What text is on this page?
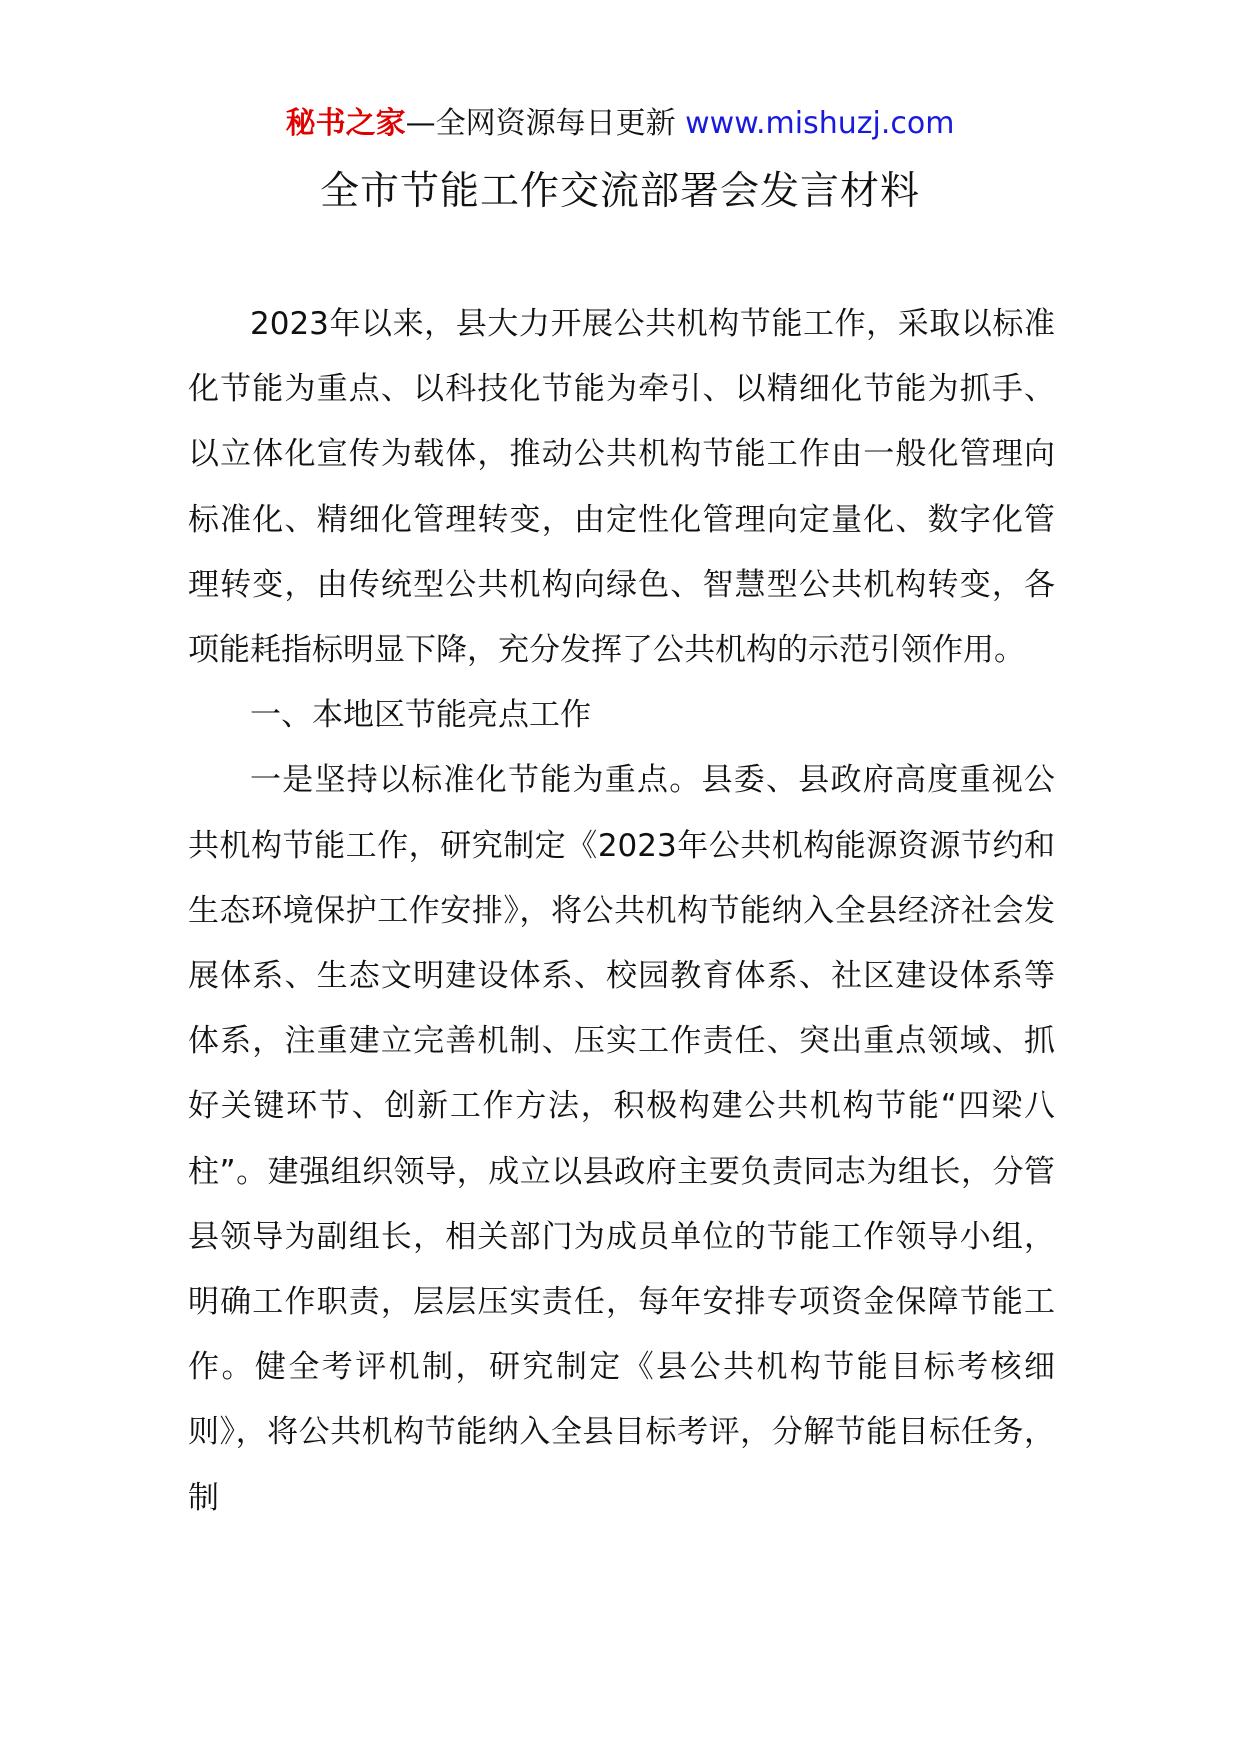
秘书之家—全网资源每日更新 www.mishuzj.com
全市节能工作交流部署会发言材料

2023年以来，县大力开展公共机构节能工作，采取以标准化节能为重点、以科技化节能为牵引、以精细化节能为抓手、以立体化宣传为载体，推动公共机构节能工作由一般化管理向标准化、精细化管理转变，由定性化管理向定量化、数字化管理转变，由传统型公共机构向绿色、智慧型公共机构转变，各项能耗指标明显下降，充分发挥了公共机构的示范引领作用。

一、本地区节能亮点工作

一是坚持以标准化节能为重点。县委、县政府高度重视公共机构节能工作，研究制定《2023年公共机构能源资源节约和生态环境保护工作安排》，将公共机构节能纳入全县经济社会发展体系、生态文明建设体系、校园教育体系、社区建设体系等体系，注重建立完善机制、压实工作责任、突出重点领域、抓好关键环节、创新工作方法，积极构建公共机构节能“四梁八柱”。建强组织领导，成立以县政府主要负责同志为组长，分管县领导为副组长，相关部门为成员单位的节能工作领导小组，明确工作职责，层层压实责任，每年安排专项资金保障节能工作。健全考评机制，研究制定《县公共机构节能目标考核细则》，将公共机构节能纳入全县目标考评，分解节能目标任务，制
